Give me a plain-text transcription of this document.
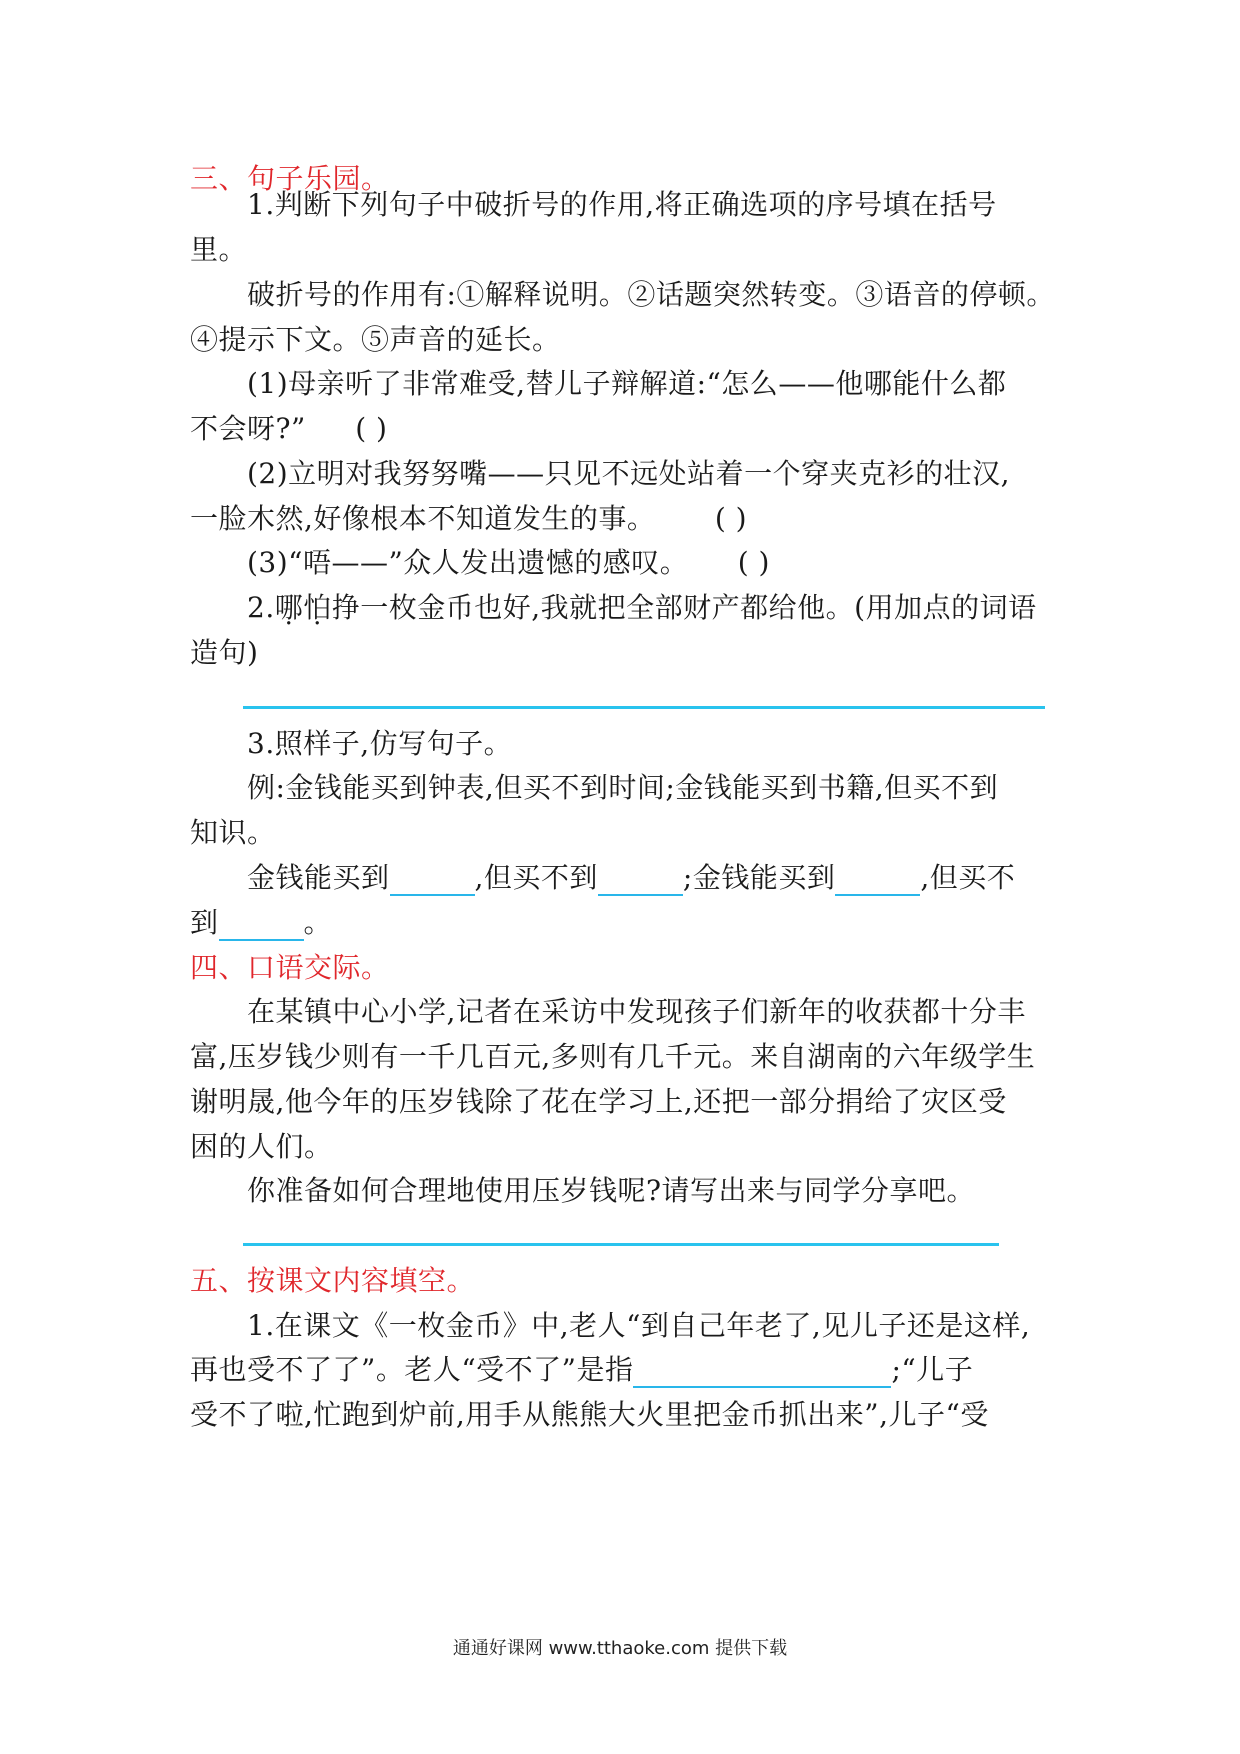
三、句子乐园。
1.判断下列句子中破折号的作用,将正确选项的序号填在括号
里。
破折号的作用有:①解释说明。②话题突然转变。③语音的停顿。
④提示下文。⑤声音的延长。
(1)母亲听了非常难受,替儿子辩解道:“怎么——他哪能什么都
不会呀?” ( )
(2)立明对我努努嘴——只见不远处站着一个穿夹克衫的壮汉,
一脸木然,好像根本不知道发生的事。 ( )
(3)“唔——”众人发出遗憾的感叹。 ( )
2.哪怕挣一枚金币也好,我就把全部财产都给他。(用加点的词语
造句)
3.照样子,仿写句子。
例:金钱能买到钟表,但买不到时间;金钱能买到书籍,但买不到
知识。
金钱能买到	,但买不到	;金钱能买到	,但买不
到	。
四、口语交际。
在某镇中心小学,记者在采访中发现孩子们新年的收获都十分丰
富,压岁钱少则有一千几百元,多则有几千元。来自湖南的六年级学生
谢明晟,他今年的压岁钱除了花在学习上,还把一部分捐给了灾区受
困的人们。
你准备如何合理地使用压岁钱呢?请写出来与同学分享吧。
五、按课文内容填空。
1.在课文《一枚金币》中,老人“到自己年老了,见儿子还是这样,
再也受不了了”。老人“受不了”是指	;“儿子
受不了啦,忙跑到炉前,用手从熊熊大火里把金币抓出来”,儿子“受
通通好课网 www.tthaoke.com 提供下载
